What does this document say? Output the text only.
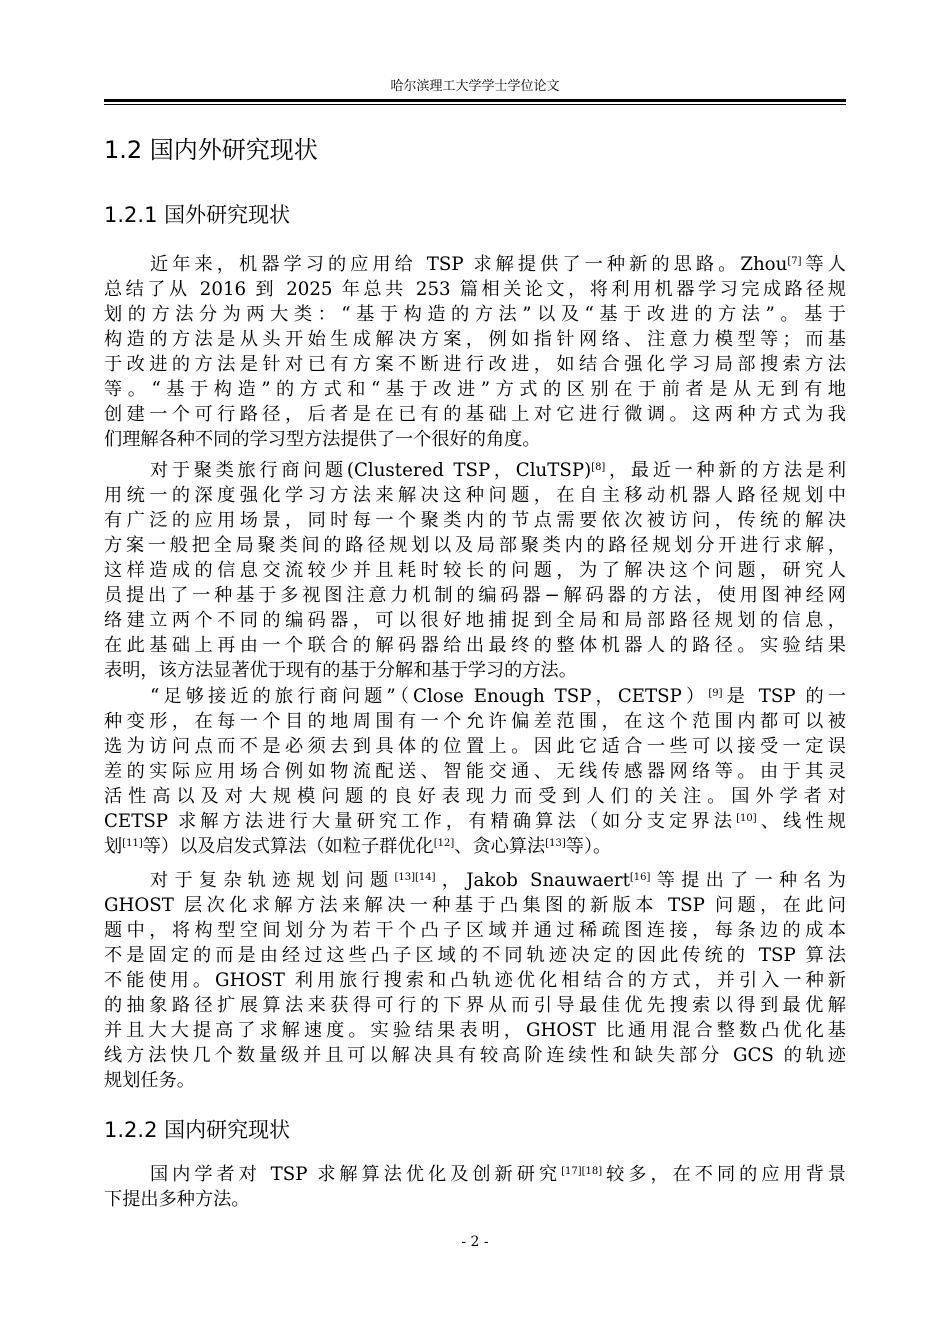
哈尔滨理工大学学士学位论文
1.2 国内外研究现状
1.2.1 国外研究现状
近年来，机器学习的应用给 TSP 求解提供了一种新的思路。Zhou[7]等人
总结了从 2016 到 2025 年总共 253 篇相关论文，将利用机器学习完成路径规
划的方法分为两大类：“基于构造的方法”以及“基于改进的方法”。基于
构造的方法是从头开始生成解决方案，例如指针网络、注意力模型等；而基
于改进的方法是针对已有方案不断进行改进，如结合强化学习局部搜索方法
等。“基于构造”的方式和“基于改进”方式的区别在于前者是从无到有地
创建一个可行路径，后者是在已有的基础上对它进行微调。这两种方式为我
们理解各种不同的学习型方法提供了一个很好的角度。
对于聚类旅行商问题(Clustered TSP，CluTSP)[8]，最近一种新的方法是利
用统一的深度强化学习方法来解决这种问题，在自主移动机器人路径规划中
有广泛的应用场景，同时每一个聚类内的节点需要依次被访问，传统的解决
方案一般把全局聚类间的路径规划以及局部聚类内的路径规划分开进行求解，
这样造成的信息交流较少并且耗时较长的问题，为了解决这个问题，研究人
员提出了一种基于多视图注意力机制的编码器−解码器的方法，使用图神经网
络建立两个不同的编码器，可以很好地捕捉到全局和局部路径规划的信息，
在此基础上再由一个联合的解码器给出最终的整体机器人的路径。实验结果
表明，该方法显著优于现有的基于分解和基于学习的方法。
“足够接近的旅行商问题”（Close Enough TSP，CETSP）[9]是 TSP 的一
种变形，在每一个目的地周围有一个允许偏差范围，在这个范围内都可以被
选为访问点而不是必须去到具体的位置上。因此它适合一些可以接受一定误
差的实际应用场合例如物流配送、智能交通、无线传感器网络等。由于其灵
活性高以及对大规模问题的良好表现力而受到人们的关注。国外学者对
CETSP 求解方法进行大量研究工作，有精确算法（如分支定界法[10]、线性规
划[11]等）以及启发式算法（如粒子群优化[12]、贪心算法[13]等）。
对于复杂轨迹规划问题[13][14]，Jakob Snauwaert[16]等提出了一种名为
GHOST 层次化求解方法来解决一种基于凸集图的新版本 TSP 问题，在此问
题中，将构型空间划分为若干个凸子区域并通过稀疏图连接，每条边的成本
不是固定的而是由经过这些凸子区域的不同轨迹决定的因此传统的 TSP 算法
不能使用。GHOST 利用旅行搜索和凸轨迹优化相结合的方式，并引入一种新
的抽象路径扩展算法来获得可行的下界从而引导最佳优先搜索以得到最优解
并且大大提高了求解速度。实验结果表明，GHOST 比通用混合整数凸优化基
线方法快几个数量级并且可以解决具有较高阶连续性和缺失部分 GCS 的轨迹
规划任务。
1.2.2 国内研究现状
国内学者对 TSP 求解算法优化及创新研究[17][18]较多，在不同的应用背景
下提出多种方法。
- 2 -
